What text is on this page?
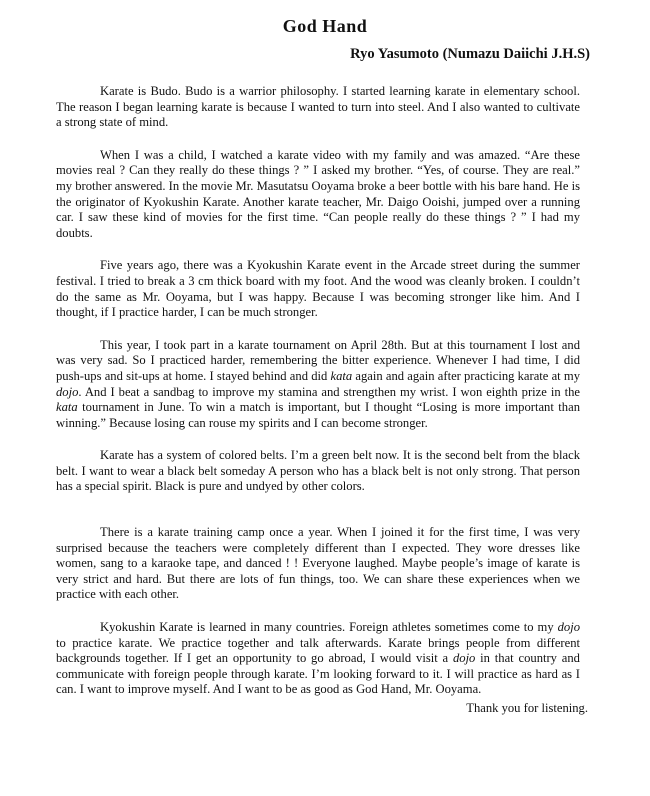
God Hand
Ryo Yasumoto (Numazu Daiichi J.H.S)

Karate is Budo. Budo is a warrior philosophy. I started learning karate in elementary school. The reason I began learning karate is because I wanted to turn into steel. And I also wanted to cultivate a strong state of mind.

When I was a child, I watched a karate video with my family and was amazed. “Are these movies real ? Can they really do these things ? ” I asked my brother. “Yes, of course. They are real.” my brother answered. In the movie Mr. Masutatsu Ooyama broke a beer bottle with his bare hand. He is the originator of Kyokushin Karate. Another karate teacher, Mr. Daigo Ooishi, jumped over a running car. I saw these kind of movies for the first time. “Can people really do these things ? ” I had my doubts.

Five years ago, there was a Kyokushin Karate event in the Arcade street during the summer festival. I tried to break a 3 cm thick board with my foot. And the wood was cleanly broken. I couldn’t do the same as Mr. Ooyama, but I was happy. Because I was becoming stronger like him. And I thought, if I practice harder, I can be much stronger.

This year, I took part in a karate tournament on April 28th. But at this tournament I lost and was very sad. So I practiced harder, remembering the bitter experience. Whenever I had time, I did push-ups and sit-ups at home. I stayed behind and did kata again and again after practicing karate at my dojo. And I beat a sandbag to improve my stamina and strengthen my wrist. I won eighth prize in the kata tournament in June. To win a match is important, but I thought “Losing is more important than winning.” Because losing can rouse my spirits and I can become stronger.

Karate has a system of colored belts. I’m a green belt now. It is the second belt from the black belt. I want to wear a black belt someday A person who has a black belt is not only strong. That person has a special spirit. Black is pure and undyed by other colors.

There is a karate training camp once a year. When I joined it for the first time, I was very surprised because the teachers were completely different than I expected. They wore dresses like women, sang to a karaoke tape, and danced ! ! Everyone laughed. Maybe people’s image of karate is very strict and hard. But there are lots of fun things, too. We can share these experiences when we practice with each other.

Kyokushin Karate is learned in many countries. Foreign athletes sometimes come to my dojo to practice karate. We practice together and talk afterwards. Karate brings people from different backgrounds together. If I get an opportunity to go abroad, I would visit a dojo in that country and communicate with foreign people through karate. I’m looking forward to it. I will practice as hard as I can. I want to improve myself. And I want to be as good as God Hand, Mr. Ooyama.

Thank you for listening.
